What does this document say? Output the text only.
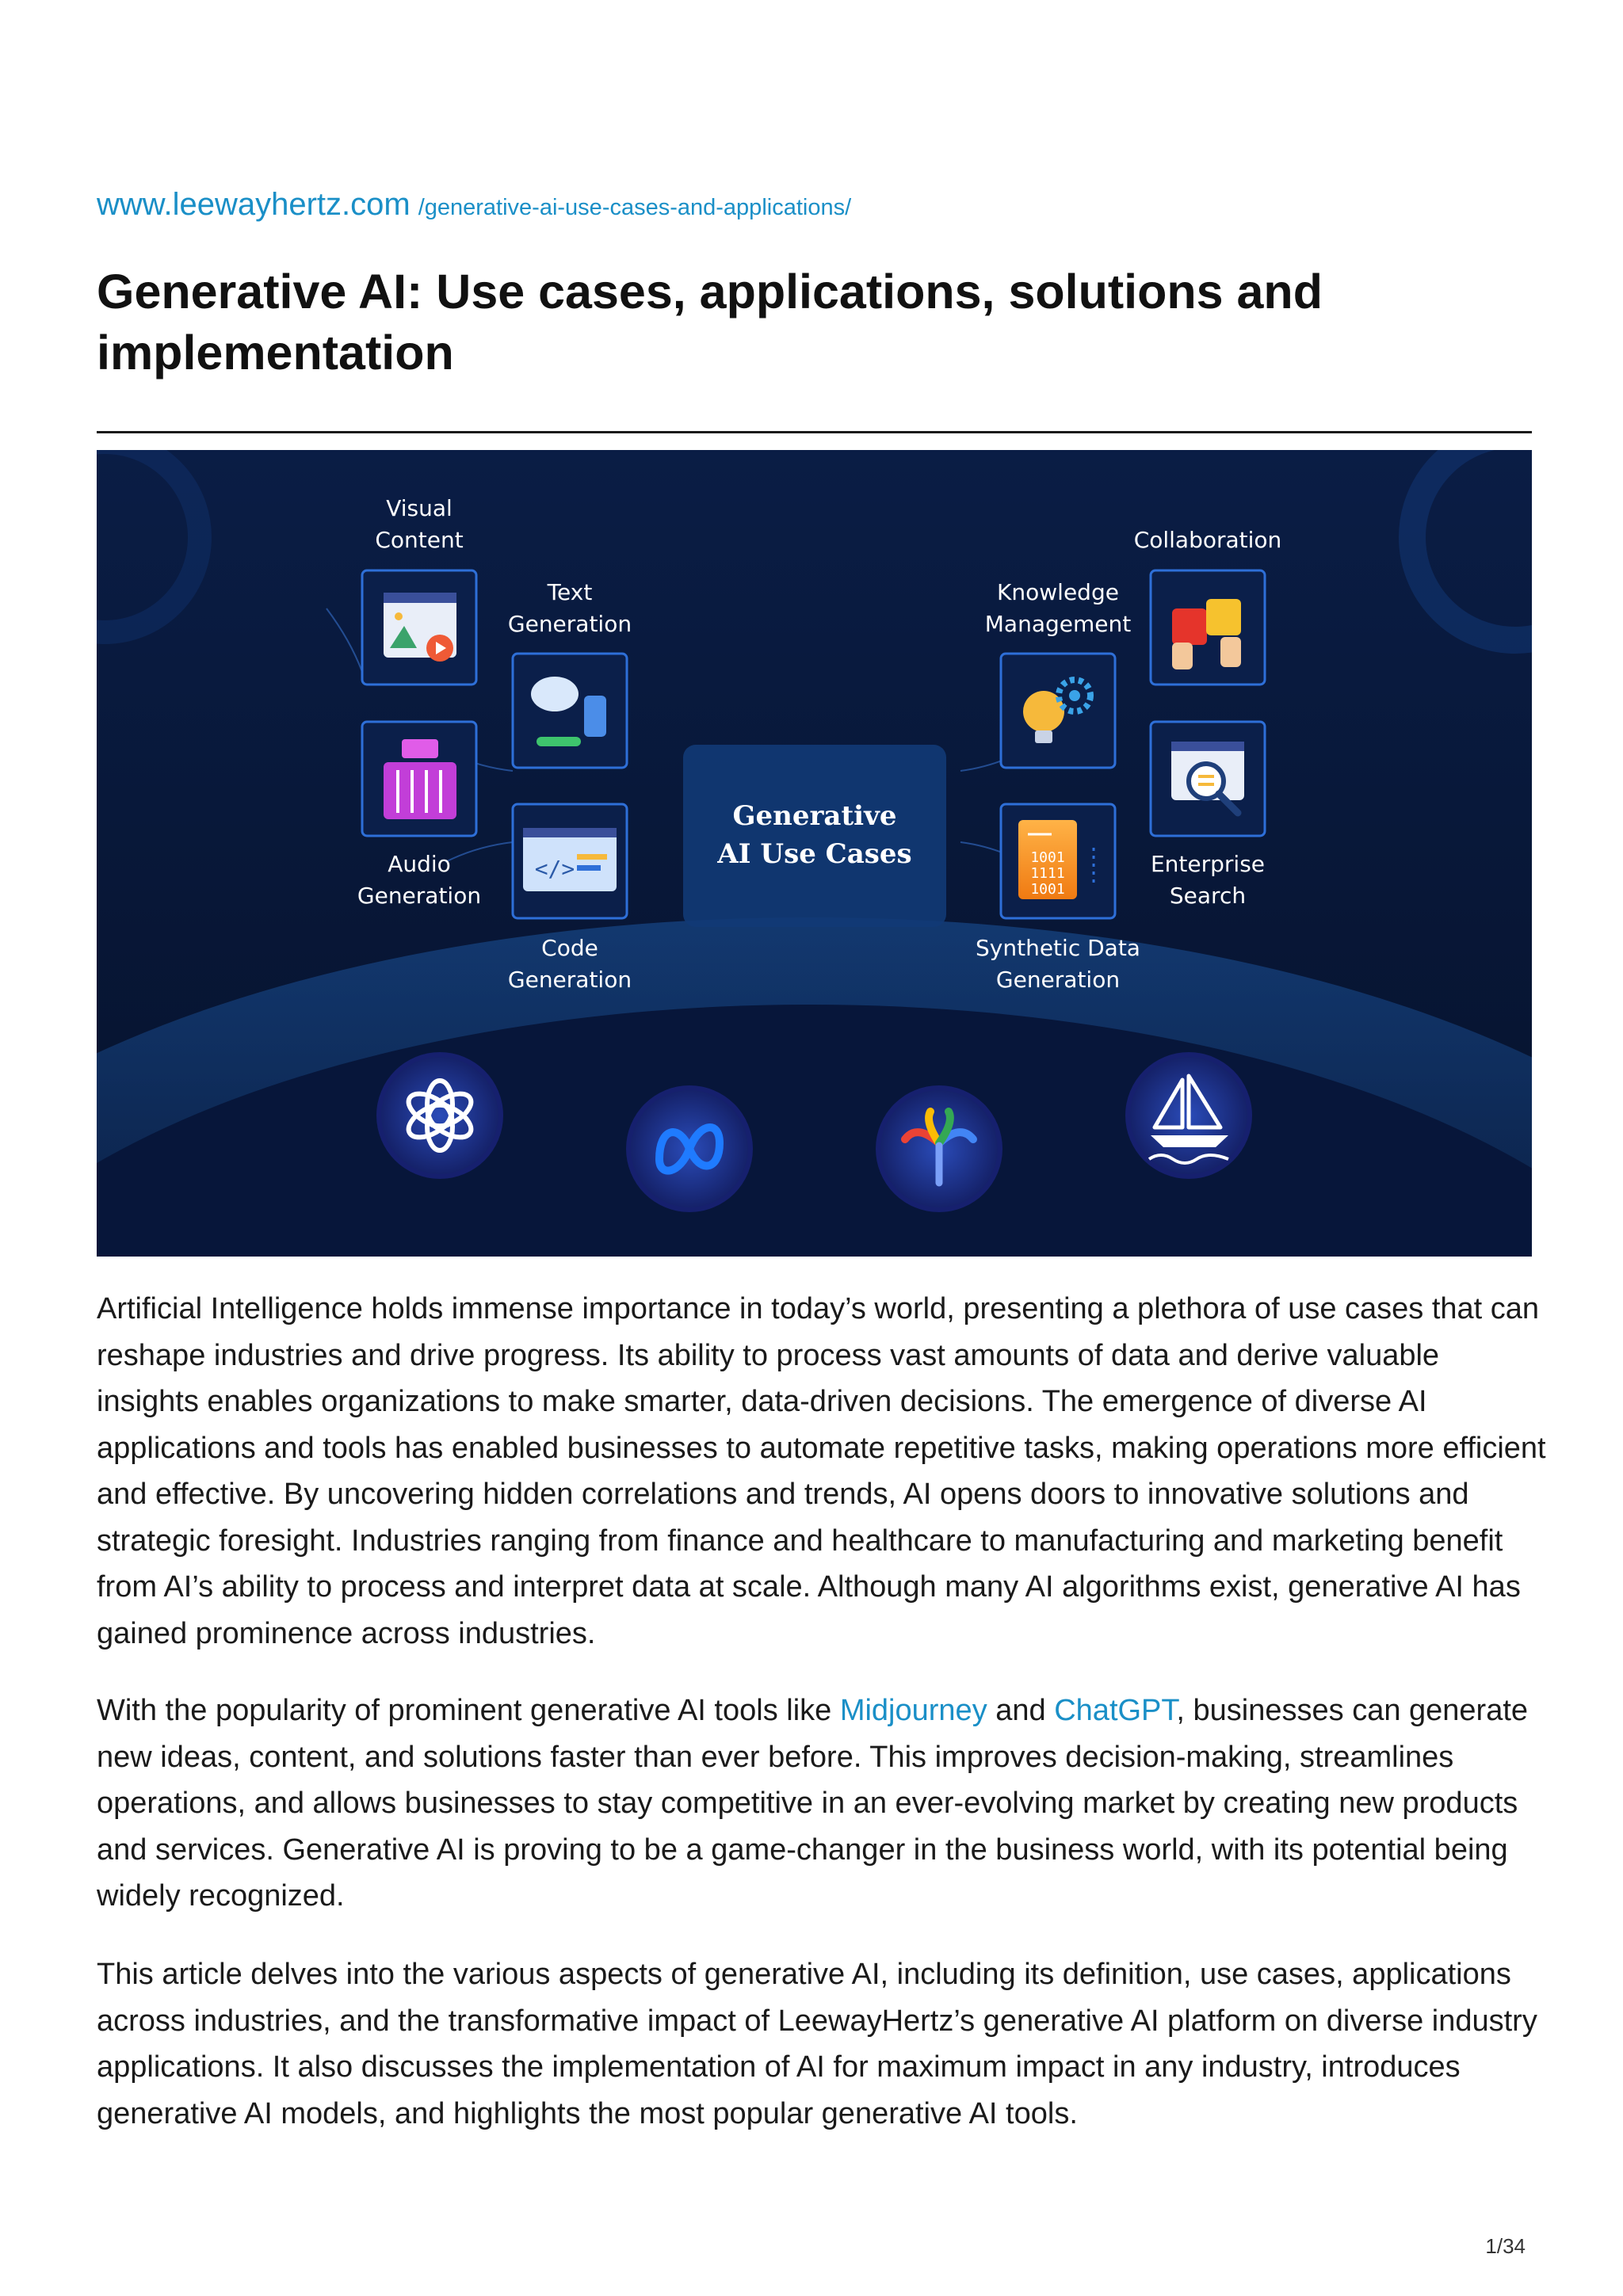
www.leewayhertz.com /generative-ai-use-cases-and-applications/
Generative AI: Use cases, applications, solutions and implementation
Generative
AI Use Cases
Visual
Content
Text
Generation
Audio
Generation
</>
Code
Generation
Collaboration
Knowledge
Management
Enterprise
Search
1001
1111
1001
Synthetic Data
Generation

Artificial Intelligence holds immense importance in today’s world, presenting a plethora of use cases that can reshape industries and drive progress. Its ability to process vast amounts of data and derive valuable insights enables organizations to make smarter, data-driven decisions. The emergence of diverse AI applications and tools has enabled businesses to automate repetitive tasks, making operations more efficient and effective. By uncovering hidden correlations and trends, AI opens doors to innovative solutions and strategic foresight. Industries ranging from finance and healthcare to manufacturing and marketing benefit from AI’s ability to process and interpret data at scale. Although many AI algorithms exist, generative AI has gained prominence across industries.

With the popularity of prominent generative AI tools like Midjourney and ChatGPT, businesses can generate new ideas, content, and solutions faster than ever before. This improves decision-making, streamlines operations, and allows businesses to stay competitive in an ever-evolving market by creating new products and services. Generative AI is proving to be a game-changer in the business world, with its potential being widely recognized.

This article delves into the various aspects of generative AI, including its definition, use cases, applications across industries, and the transformative impact of LeewayHertz’s generative AI platform on diverse industry applications. It also discusses the implementation of AI for maximum impact in any industry, introduces generative AI models, and highlights the most popular generative AI tools.

1/34
